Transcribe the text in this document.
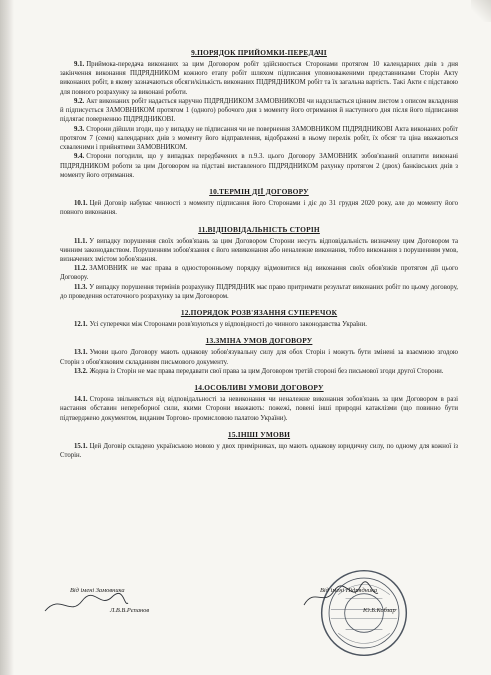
9.ПОРЯДОК ПРИЙОМКИ-ПЕРЕДАЧІ

9.1. Приймока-передача виконаних за цим Договором робіт здійснюється Сторонами протягом 10 календарних днів з дня закінчення виконання ПІДРЯДНИКОМ кожного етапу робіт шляхом підписання уповноваженими представниками Сторін Акту виконаних робіт, в якому зазначаються обсяги/кількість виконаних ПІДРЯДНИКОМ робіт та їх загальна вартість. Такі Акти є підставою для повного розрахунку за виконані роботи.

9.2. Акт виконаних робіт надається наручно ПІДРЯДНИКОМ ЗАМОВНИКОВІ чи надсилається цінним листом з описом вкладення й підписується ЗАМОВНИКОМ протягом 1 (одного) робочого дня з моменту його отримання й наступного дня після його підписання підлягає поверненню ПІДРЯДНИКОВІ.

9.3. Сторони дійшли згоди, що у випадку не підписання чи не повернення ЗАМОВНИКОМ ПІДРЯДНИКОВІ Акта виконаних робіт протягом 7 (семи) календарних днів з моменту його відправлення, відображені в ньому перелік робіт, їх обсяг та ціна вважаються схваленими і прийнятими ЗАМОВНИКОМ.

9.4. Сторони погодили, що у випадках передбачених в п.9.3. цього Договору ЗАМОВНИК зобов'язаний оплатити виконані ПІДРЯДНИКОМ роботи за цим Договором на підставі виставленого ПІДРЯДНИКОМ рахунку протягом 2 (двох) банківських днів з моменту його отримання.

10.ТЕРМІН ДІЇ ДОГОВОРУ

10.1. Цей Договір набуває чинності з моменту підписання його Сторонами і діє до 31 грудня 2020 року, але до моменту його повного виконання.

11.ВІДПОВІДАЛЬНІСТЬ СТОРІН

11.1. У випадку порушення своїх зобов'язань за цим Договором Сторони несуть відповідальність визначену цим Договором та чинним законодавством. Порушенням зобов'язання є його невиконання або неналежне виконання, тобто виконання з порушенням умов, визначених змістом зобов'язання.

11.2. ЗАМОВНИК не має права в односторонньому порядку відмовитися від виконання своїх обов'язків протягом дії цього Договору.

11.3. У випадку порушення термінів розрахунку ПІДРЯДНИК має право притримати результат виконаних робіт по цьому договору, до проведення остаточного розрахунку за цим Договором.

12.ПОРЯДОК РОЗВ'ЯЗАННЯ СУПЕРЕЧОК

12.1. Усі суперечки між Сторонами розв'язуються у відповідності до чинного законодавства України.

13.ЗМІНА УМОВ ДОГОВОРУ

13.1. Умови цього Договору мають однакову зобов'язувальну силу для обох Сторін і можуть бути змінені за взаємною згодою Сторін з обов'язковим складанням письмового документу.

13.2. Жодна із Сторін не має права передавати свої права за цим Договором третій стороні без письмової згоди другої Сторони.

14.ОСОБЛИВІ УМОВИ ДОГОВОРУ

14.1. Сторона звільняється від відповідальності за невиконання чи неналежне виконання зобов'язань за цим Договором в разі настання обставин непереборної сили, якими Сторони вважають: пожежі, повені інші природні катаклізми (що повинно бути підтверджено документом, виданим Торгово- промисловою палатою України).

15.ІНШІ УМОВИ

15.1. Цей Договір складено українською мовою у двох примірниках, що мають однакову юридичну силу, по одному для кожної із Сторін.

Від імені Замовника
Л.В.В.Рєпанов
Від імені Підрядника
Ю.Б.Кобзар
